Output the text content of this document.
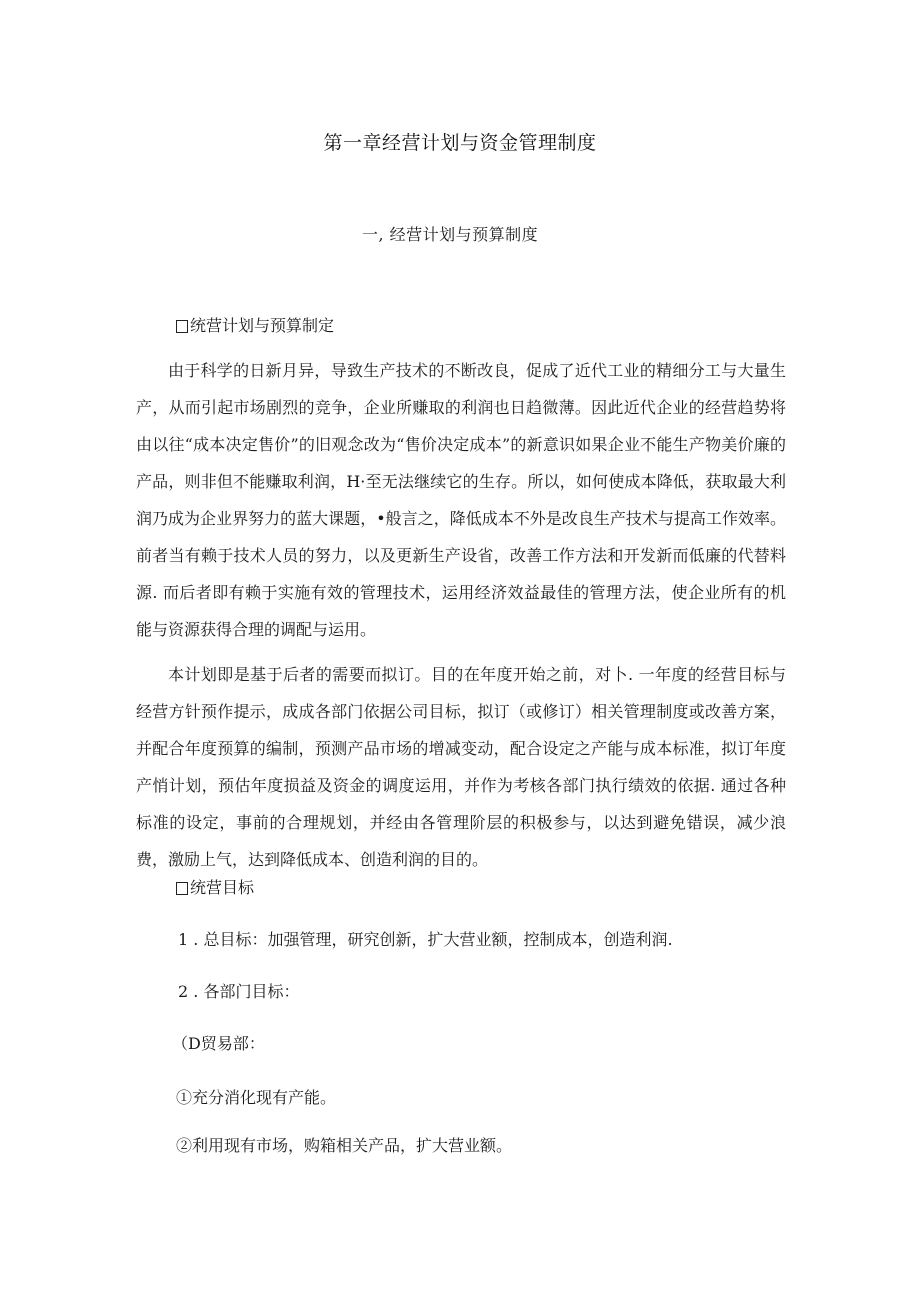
第一章经营计划与资金管理制度
一, 经营计划与预算制度
统营计划与预算制定

由于科学的日新月异，导致生产技术的不断改良，促成了近代工业的精细分工与大量生产，从而引起市场剧烈的竞争，企业所赚取的利润也日趋微薄。因此近代企业的经营趋势将由以往“成本决定售价”的旧观念改为“售价决定成本”的新意识如果企业不能生产物美价廉的产品，则非但不能赚取利润，H·至无法继续它的生存。所以，如何使成本降低，获取最大利润乃成为企业界努力的蓝大课题，•般言之，降低成本不外是改良生产技术与提高工作效率。前者当有赖于技术人员的努力，以及更新生产设省，改善工作方法和开发新而低廉的代替料源. 而后者即有赖于实施有效的管理技术，运用经济效益最佳的管理方法，使企业所有的机能与资源获得合理的调配与运用。

本计划即是基于后者的需要而拟订。目的在年度开始之前，对卜. 一年度的经营目标与经营方针预作提示，成成各部门依据公司目标，拟订（或修订）相关管理制度或改善方案，并配合年度预算的编制，预测产品市场的增减变动，配合设定之产能与成本标准，拟订年度产悄计划，预估年度损益及资金的调度运用，并作为考核各部门执行绩效的依据. 通过各种标准的设定，事前的合理规划，并经由各管理阶层的积极参与，以达到避免错误，减少浪费，激励上气，达到降低成本、创造利润的目的。

统营目标
1 . 总目标：加强管理，研究创新，扩大营业额，控制成本，创造利润.
2 . 各部门目标：
（D贸易部：
①充分消化现有产能。
②利用现有市场，购箱相关产品，扩大营业额。
